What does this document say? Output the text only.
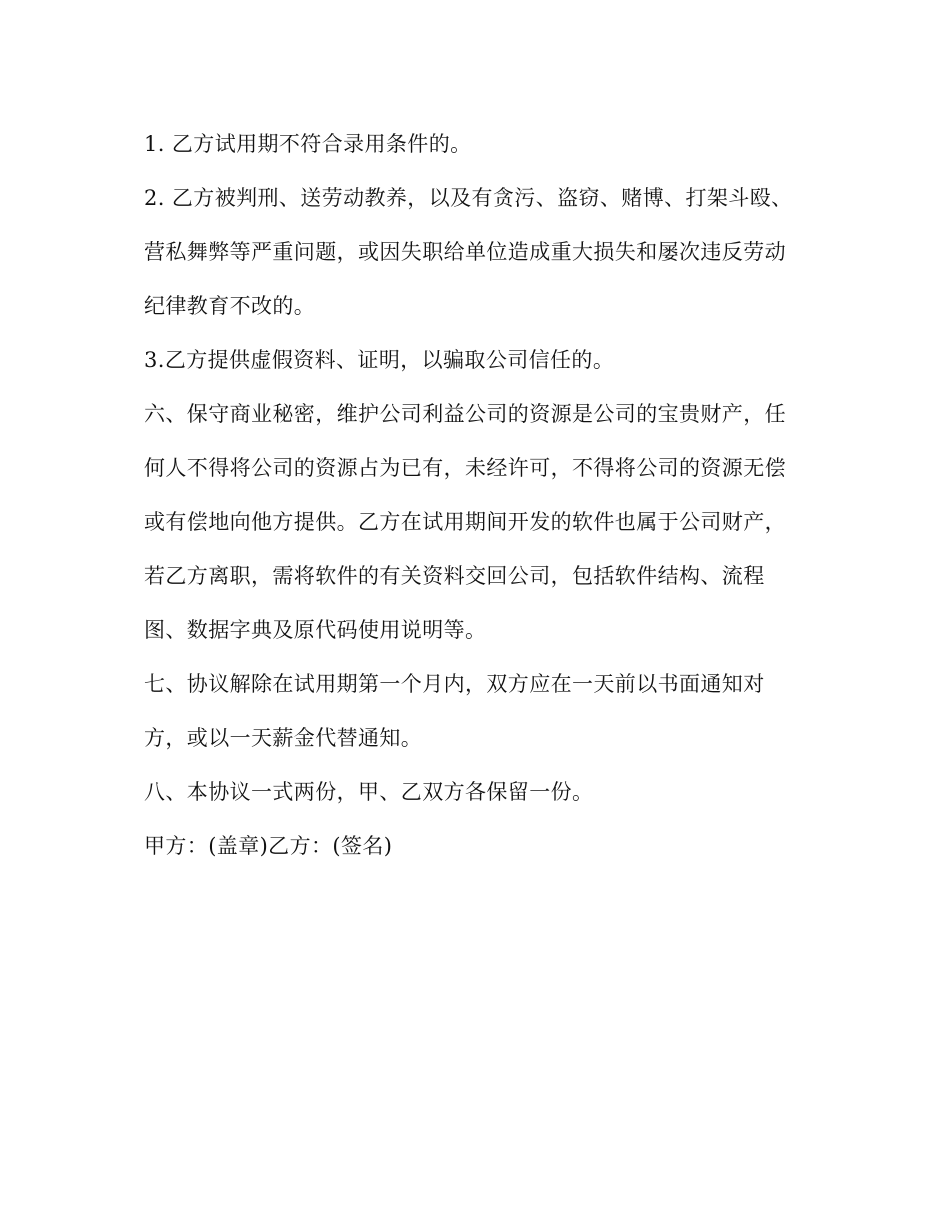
1. 乙方试用期不符合录用条件的。

2. 乙方被判刑、送劳动教养，以及有贪污、盗窃、赌博、打架斗殴、
营私舞弊等严重问题，或因失职给单位造成重大损失和屡次违反劳动
纪律教育不改的。

3.乙方提供虚假资料、证明，以骗取公司信任的。

六、保守商业秘密，维护公司利益公司的资源是公司的宝贵财产，任
何人不得将公司的资源占为已有，未经许可，不得将公司的资源无偿
或有偿地向他方提供。乙方在试用期间开发的软件也属于公司财产，
若乙方离职，需将软件的有关资料交回公司，包括软件结构、流程
图、数据字典及原代码使用说明等。

七、协议解除在试用期第一个月内，双方应在一天前以书面通知对
方，或以一天薪金代替通知。

八、本协议一式两份，甲、乙双方各保留一份。

甲方：(盖章)乙方：(签名)
